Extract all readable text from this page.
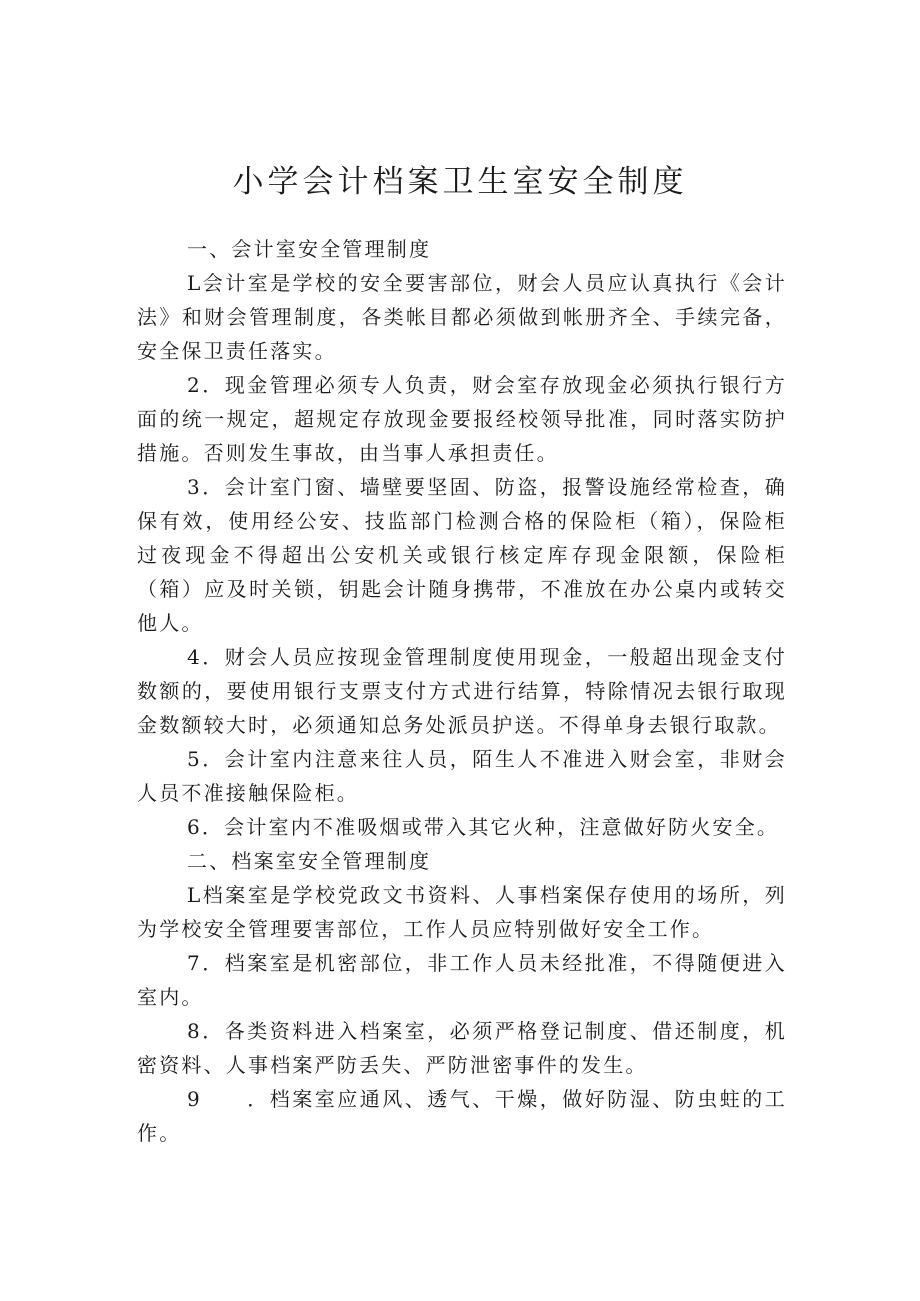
小学会计档案卫生室安全制度
一、会计室安全管理制度

L会计室是学校的安全要害部位，财会人员应认真执行《会计法》和财会管理制度，各类帐目都必须做到帐册齐全、手续完备，安全保卫责任落实。

2．现金管理必须专人负责，财会室存放现金必须执行银行方面的统一规定，超规定存放现金要报经校领导批准，同时落实防护措施。否则发生事故，由当事人承担责任。

3．会计室门窗、墙壁要坚固、防盗，报警设施经常检查，确保有效，使用经公安、技监部门检测合格的保险柜（箱），保险柜过夜现金不得超出公安机关或银行核定库存现金限额，保险柜（箱）应及时关锁，钥匙会计随身携带，不准放在办公桌内或转交他人。

4．财会人员应按现金管理制度使用现金，一般超出现金支付数额的，要使用银行支票支付方式进行结算，特除情况去银行取现金数额较大时，必须通知总务处派员护送。不得单身去银行取款。

5．会计室内注意来往人员，陌生人不准进入财会室，非财会人员不准接触保险柜。

6．会计室内不准吸烟或带入其它火种，注意做好防火安全。

二、档案室安全管理制度

L档案室是学校党政文书资料、人事档案保存使用的场所，列为学校安全管理要害部位，工作人员应特别做好安全工作。

7．档案室是机密部位，非工作人员未经批准，不得随便进入室内。

8．各类资料进入档案室，必须严格登记制度、借还制度，机密资料、人事档案严防丢失、严防泄密事件的发生。

9　　．档案室应通风、透气、干燥，做好防湿、防虫蛀的工作。
